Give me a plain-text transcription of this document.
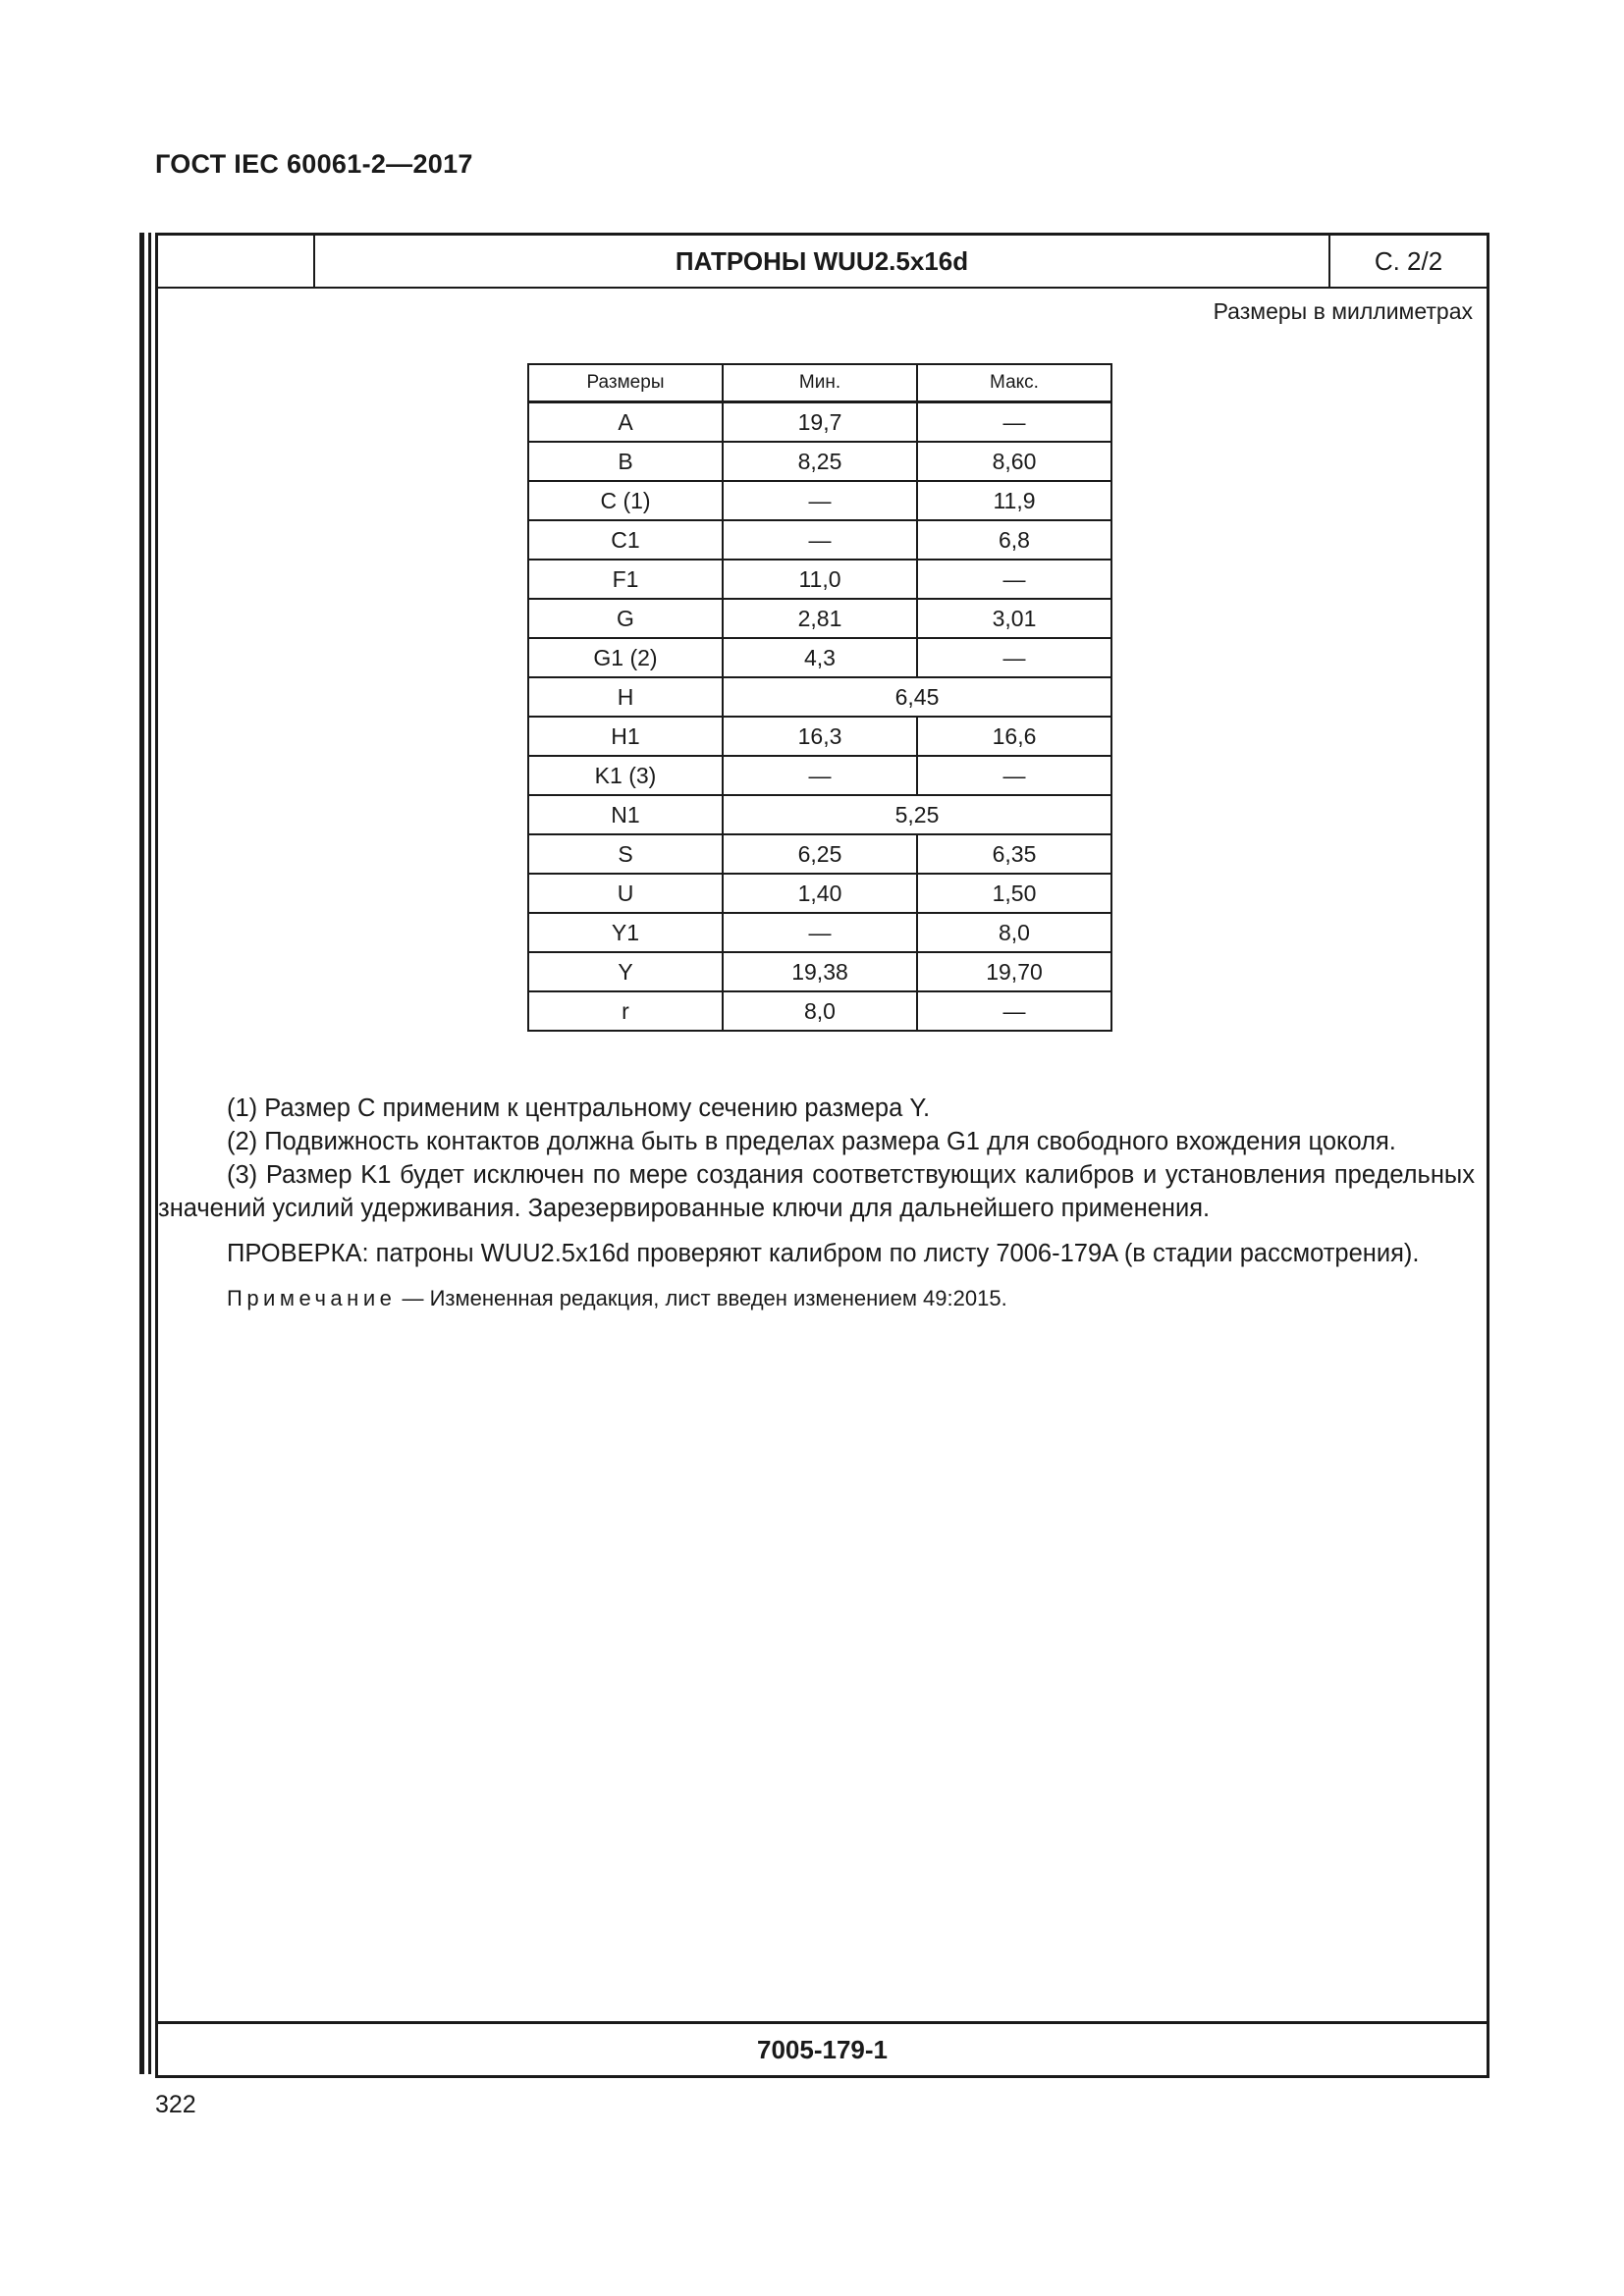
ГОСТ IEC 60061-2—2017
ПАТРОНЫ WUU2.5x16d	С. 2/2
Размеры в миллиметрах
Размеры	Мин.	Макс.
A	19,7	—
B	8,25	8,60
C (1)	—	11,9
C1	—	6,8
F1	11,0	—
G	2,81	3,01
G1 (2)	4,3	—
H	6,45	
H1	16,3	16,6
K1 (3)	—	—
N1	5,25	
S	6,25	6,35
U	1,40	1,50
Y1	—	8,0
Y	19,38	19,70
r	8,0	—

(1) Размер C применим к центральному сечению размера Y.

(2) Подвижность контактов должна быть в пределах размера G1 для свободного вхождения цоколя.

(3) Размер K1 будет исключен по мере создания соответствующих калибров и установления предельных значений усилий удерживания. Зарезервированные ключи для дальнейшего применения.

ПРОВЕРКА: патроны WUU2.5x16d проверяют калибром по листу 7006-179A (в стадии рассмотрения).

Примечание — Измененная редакция, лист введен изменением 49:2015.
7005-179-1
322
